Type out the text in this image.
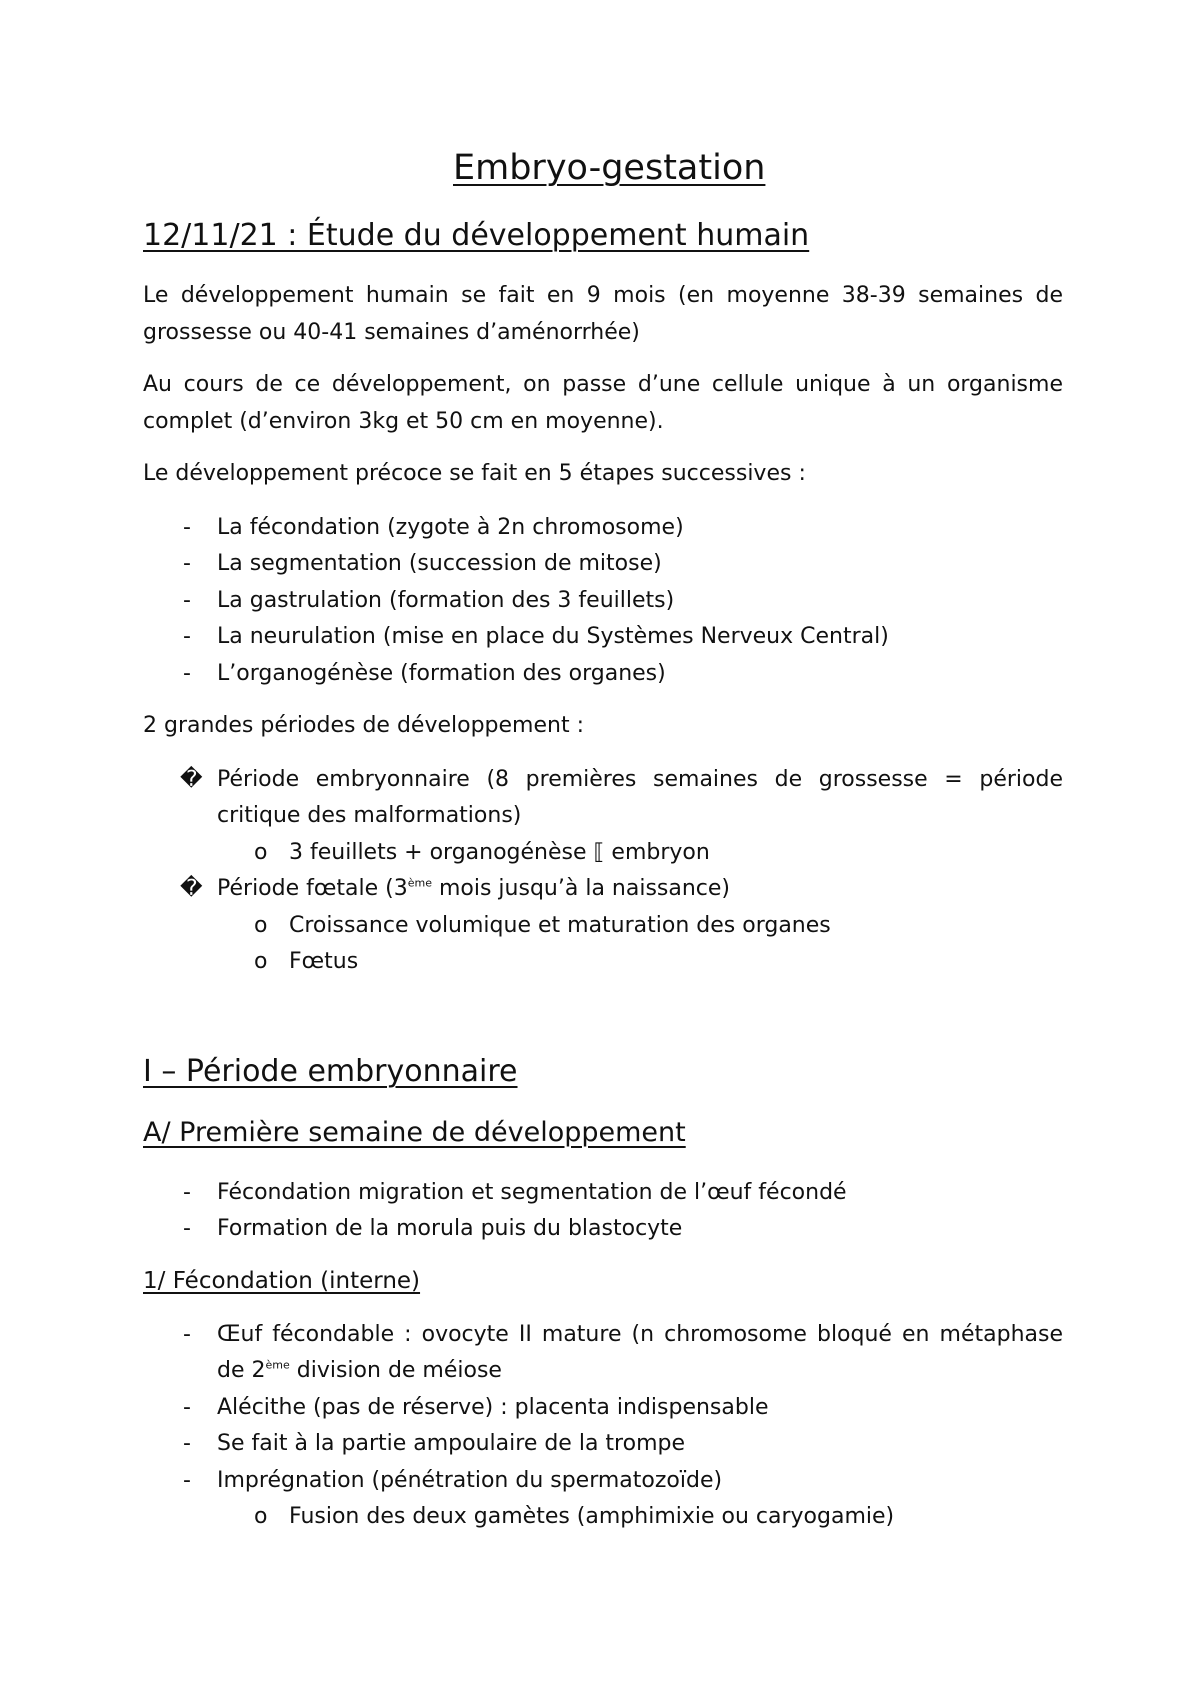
Embryo-gestation
12/11/21 : Étude du développement humain
Le développement humain se fait en 9 mois (en moyenne 38-39 semaines de
grossesse ou 40-41 semaines d’aménorrhée)
Au cours de ce développement, on passe d’une cellule unique à un organisme
complet (d’environ 3kg et 50 cm en moyenne).
Le développement précoce se fait en 5 étapes successives :
- La fécondation (zygote à 2n chromosome)
- La segmentation (succession de mitose)
- La gastrulation (formation des 3 feuillets)
- La neurulation (mise en place du Systèmes Nerveux Central)
- L’organogénèse (formation des organes)
2 grandes périodes de développement :
� Période embryonnaire (8 premières semaines de grossesse = période
critique des malformations)
o 3 feuillets + organogénèse ⟦ embryon
� Période fœtale (3ème mois jusqu’à la naissance)
o Croissance volumique et maturation des organes
o Fœtus
I – Période embryonnaire
A/ Première semaine de développement
- Fécondation migration et segmentation de l’œuf fécondé
- Formation de la morula puis du blastocyte
1/ Fécondation (interne)
- Œuf fécondable : ovocyte II mature (n chromosome bloqué en métaphase
de 2ème division de méiose
- Alécithe (pas de réserve) : placenta indispensable
- Se fait à la partie ampoulaire de la trompe
- Imprégnation (pénétration du spermatozoïde)
o Fusion des deux gamètes (amphimixie ou caryogamie)
